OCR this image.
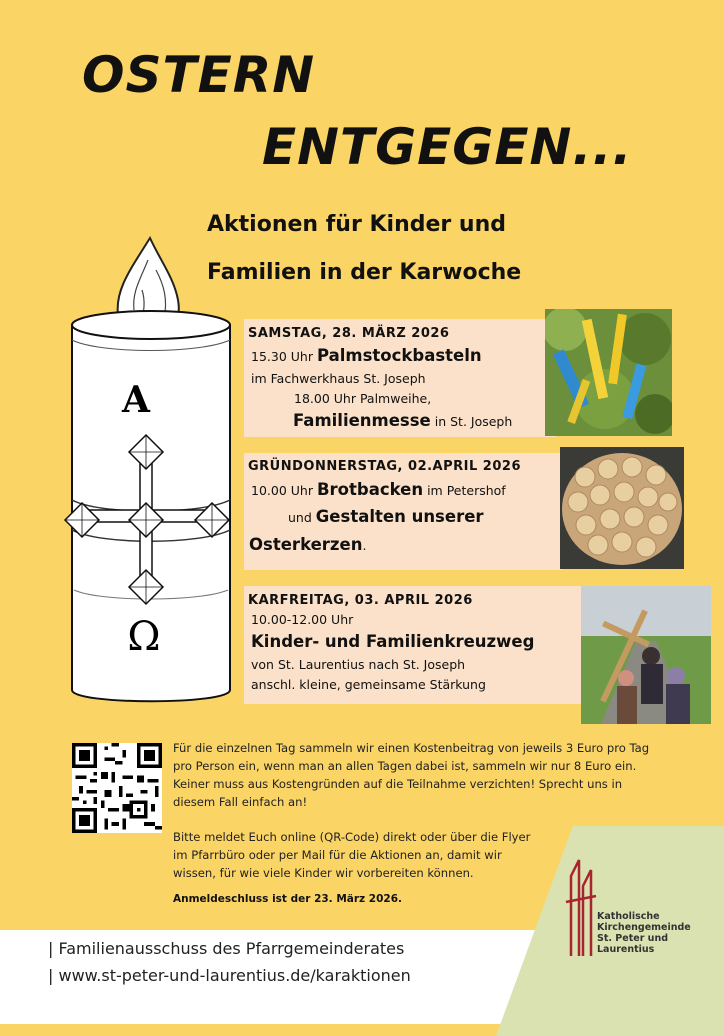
OSTERN
ENTGEGEN...
Aktionen für Kinder und
Familien in der Karwoche
A
Ω
SAMSTAG, 28. MÄRZ 2026
15.30 Uhr Palmstockbasteln
im Fachwerkhaus St. Joseph
18.00 Uhr Palmweihe,
Familienmesse in St. Joseph
GRÜNDONNERSTAG, 02.APRIL 2026
10.00 Uhr Brotbacken im Petershof
und Gestalten unserer
Osterkerzen.
KARFREITAG, 03. APRIL 2026
10.00-12.00 Uhr
Kinder- und Familienkreuzweg
von St. Laurentius nach St. Joseph
anschl. kleine, gemeinsame Stärkung
Für die einzelnen Tag sammeln wir einen Kostenbeitrag von jeweils 3 Euro pro Tag pro Person ein, wenn man an allen Tagen dabei ist, sammeln wir nur 8 Euro ein. Keiner muss aus Kostengründen auf die Teilnahme verzichten! Sprecht uns in diesem Fall einfach an!
Bitte meldet Euch online (QR-Code) direkt oder über die Flyer im Pfarrbüro oder per Mail für die Aktionen an, damit wir wissen, für wie viele Kinder wir vorbereiten können.
Anmeldeschluss ist der 23. März 2026.
| Familienausschuss des Pfarrgemeinderates
| www.st-peter-und-laurentius.de/karaktionen
Katholische
Kirchengemeinde
St. Peter und
Laurentius
